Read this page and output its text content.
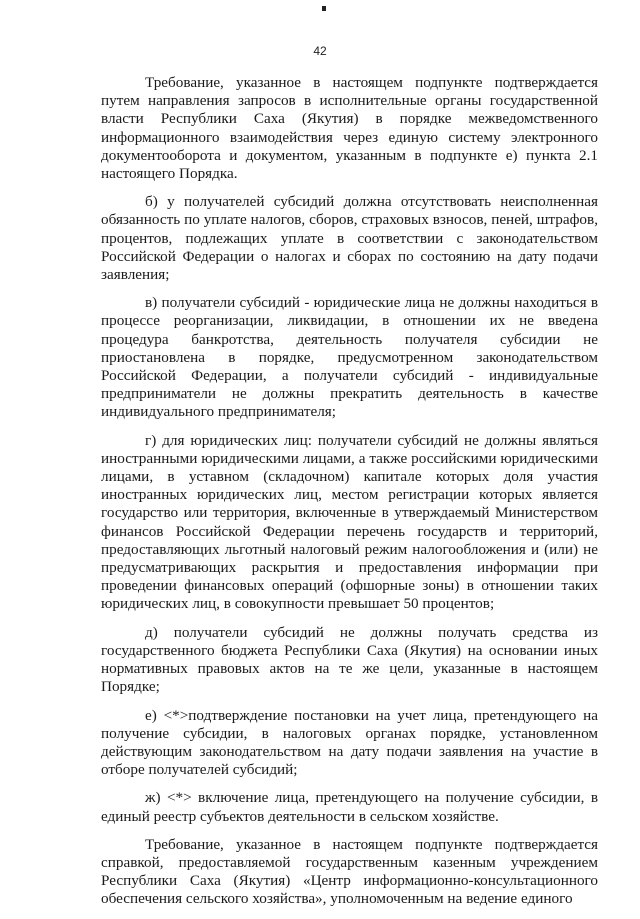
42

Требование, указанное в настоящем подпункте подтверждается путем направления запросов в исполнительные органы государственной власти Республики Саха (Якутия) в порядке межведомственного информационного взаимодействия через единую систему электронного документооборота и документом, указанным в подпункте е) пункта 2.1 настоящего Порядка.

б) у получателей субсидий должна отсутствовать неисполненная обязанность по уплате налогов, сборов, страховых взносов, пеней, штрафов, процентов, подлежащих уплате в соответствии с законодательством Российской Федерации о налогах и сборах по состоянию на дату подачи заявления;

в) получатели субсидий - юридические лица не должны находиться в процессе реорганизации, ликвидации, в отношении их не введена процедура банкротства, деятельность получателя субсидии не приостановлена в порядке, предусмотренном законодательством Российской Федерации, а получатели субсидий - индивидуальные предприниматели не должны прекратить деятельность в качестве индивидуального предпринимателя;

г) для юридических лиц: получатели субсидий не должны являться иностранными юридическими лицами, а также российскими юридическими лицами, в уставном (складочном) капитале которых доля участия иностранных юридических лиц, местом регистрации которых является государство или территория, включенные в утверждаемый Министерством финансов Российской Федерации перечень государств и территорий, предоставляющих льготный налоговый режим налогообложения и (или) не предусматривающих раскрытия и предоставления информации при проведении финансовых операций (офшорные зоны) в отношении таких юридических лиц, в совокупности превышает 50 процентов;

д) получатели субсидий не должны получать средства из государственного бюджета Республики Саха (Якутия) на основании иных нормативных правовых актов на те же цели, указанные в настоящем Порядке;

е) <*>подтверждение постановки на учет лица, претендующего на получение субсидии, в налоговых органах порядке, установленном действующим законодательством на дату подачи заявления на участие в отборе получателей субсидий;

ж) <*> включение лица, претендующего на получение субсидии, в единый реестр субъектов деятельности в сельском хозяйстве.

Требование, указанное в настоящем подпункте подтверждается справкой, предоставляемой государственным казенным учреждением Республики Саха (Якутия) «Центр информационно-консультационного обеспечения сельского хозяйства», уполномоченным на ведение единого
